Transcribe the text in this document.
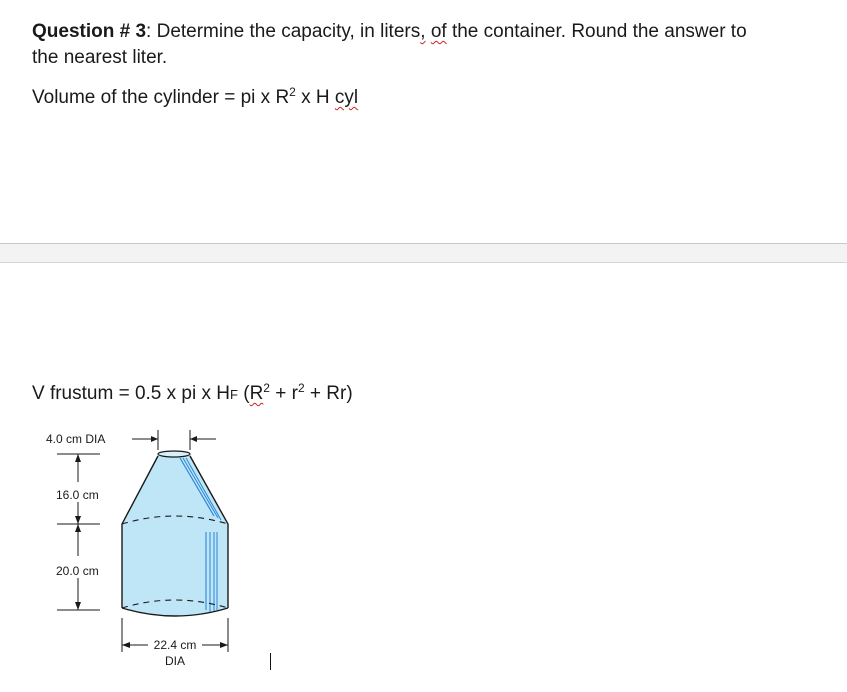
Question # 3: Determine the capacity, in liters, of the container. Round the answer to
the nearest liter.
Volume of the cylinder = pi x $R^2$ x H cyl
V frustum = 0.5 x pi x HF $(R^2 + r^2 + Rr)$
4.0 cm DIA
16.0 cm
20.0 cm
22.4 cm
DIA
